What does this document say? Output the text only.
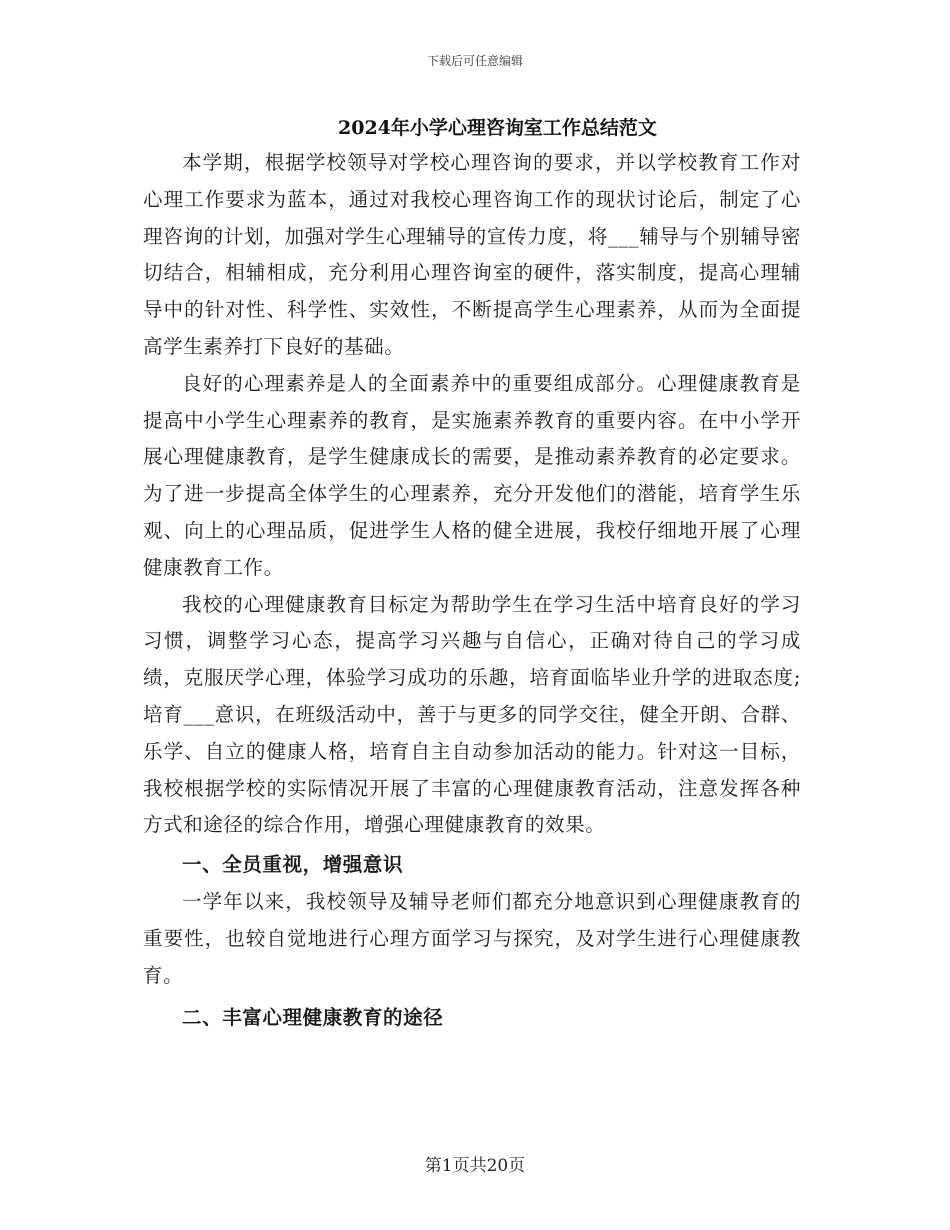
下载后可任意编辑
2024年小学心理咨询室工作总结范文

本学期，根据学校领导对学校心理咨询的要求，并以学校教育工作对心理工作要求为蓝本，通过对我校心理咨询工作的现状讨论后，制定了心理咨询的计划，加强对学生心理辅导的宣传力度，将___辅导与个别辅导密切结合，相辅相成，充分利用心理咨询室的硬件，落实制度，提高心理辅导中的针对性、科学性、实效性，不断提高学生心理素养，从而为全面提高学生素养打下良好的基础。

良好的心理素养是人的全面素养中的重要组成部分。心理健康教育是提高中小学生心理素养的教育，是实施素养教育的重要内容。在中小学开展心理健康教育，是学生健康成长的需要，是推动素养教育的必定要求。为了进一步提高全体学生的心理素养，充分开发他们的潜能，培育学生乐观、向上的心理品质，促进学生人格的健全进展，我校仔细地开展了心理健康教育工作。

我校的心理健康教育目标定为帮助学生在学习生活中培育良好的学习习惯，调整学习心态，提高学习兴趣与自信心，正确对待自己的学习成绩，克服厌学心理，体验学习成功的乐趣，培育面临毕业升学的进取态度;培育___意识，在班级活动中，善于与更多的同学交往，健全开朗、合群、乐学、自立的健康人格，培育自主自动参加活动的能力。针对这一目标，我校根据学校的实际情况开展了丰富的心理健康教育活动，注意发挥各种方式和途径的综合作用，增强心理健康教育的效果。

一、全员重视，增强意识

一学年以来，我校领导及辅导老师们都充分地意识到心理健康教育的重要性，也较自觉地进行心理方面学习与探究，及对学生进行心理健康教育。

二、丰富心理健康教育的途径

第1页共20页
